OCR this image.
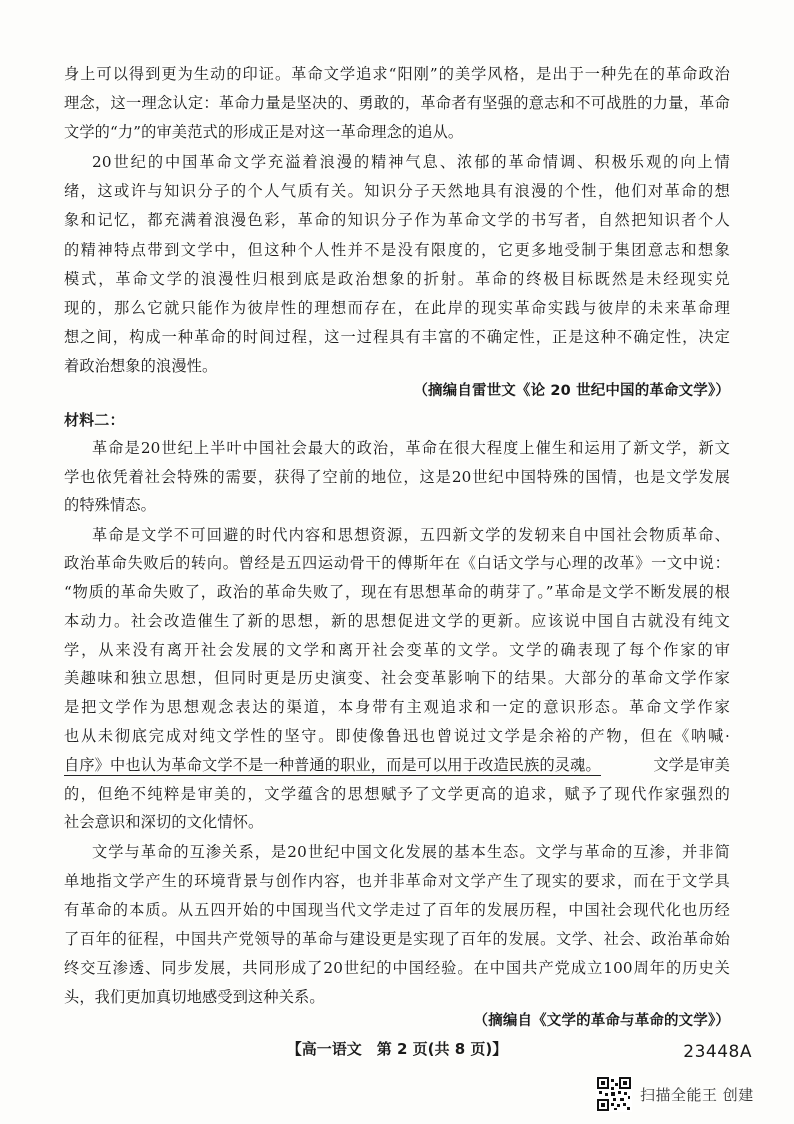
身上可以得到更为生动的印证。革命文学追求“阳刚”的美学风格，是出于一种先在的革命政治
理念，这一理念认定：革命力量是坚决的、勇敢的，革命者有坚强的意志和不可战胜的力量，革命
文学的“力”的审美范式的形成正是对这一革命理念的追从。
20世纪的中国革命文学充溢着浪漫的精神气息、浓郁的革命情调、积极乐观的向上情
绪，这或许与知识分子的个人气质有关。知识分子天然地具有浪漫的个性，他们对革命的想
象和记忆，都充满着浪漫色彩，革命的知识分子作为革命文学的书写者，自然把知识者个人
的精神特点带到文学中，但这种个人性并不是没有限度的，它更多地受制于集团意志和想象
模式，革命文学的浪漫性归根到底是政治想象的折射。革命的终极目标既然是未经现实兑
现的，那么它就只能作为彼岸性的理想而存在，在此岸的现实革命实践与彼岸的未来革命理
想之间，构成一种革命的时间过程，这一过程具有丰富的不确定性，正是这种不确定性，决定
着政治想象的浪漫性。
（摘编自雷世文《论 20 世纪中国的革命文学》）
材料二：
革命是20世纪上半叶中国社会最大的政治，革命在很大程度上催生和运用了新文学，新文
学也依凭着社会特殊的需要，获得了空前的地位，这是20世纪中国特殊的国情，也是文学发展
的特殊情态。
革命是文学不可回避的时代内容和思想资源，五四新文学的发轫来自中国社会物质革命、
政治革命失败后的转向。曾经是五四运动骨干的傅斯年在《白话文学与心理的改革》一文中说：
“物质的革命失败了，政治的革命失败了，现在有思想革命的萌芽了。”革命是文学不断发展的根
本动力。社会改造催生了新的思想，新的思想促进文学的更新。应该说中国自古就没有纯文
学，从来没有离开社会发展的文学和离开社会变革的文学。文学的确表现了每个作家的审
美趣味和独立思想，但同时更是历史演变、社会变革影响下的结果。大部分的革命文学作家
是把文学作为思想观念表达的渠道，本身带有主观追求和一定的意识形态。革命文学作家
也从未彻底完成对纯文学性的坚守。即使像鲁迅也曾说过文学是余裕的产物，但在《呐喊·
自序》中也认为革命文学不是一种普通的职业，而是可以用于改造民族的灵魂。	文学是审美
的，但绝不纯粹是审美的，文学蕴含的思想赋予了文学更高的追求，赋予了现代作家强烈的
社会意识和深切的文化情怀。
文学与革命的互渗关系，是20世纪中国文化发展的基本生态。文学与革命的互渗，并非简
单地指文学产生的环境背景与创作内容，也并非革命对文学产生了现实的要求，而在于文学具
有革命的本质。从五四开始的中国现当代文学走过了百年的发展历程，中国社会现代化也历经
了百年的征程，中国共产党领导的革命与建设更是实现了百年的发展。文学、社会、政治革命始
终交互渗透、同步发展，共同形成了20世纪的中国经验。在中国共产党成立100周年的历史关
头，我们更加真切地感受到这种关系。
（摘编自《文学的革命与革命的文学》）
【高一语文　第 2 页(共 8 页)】	23448A
扫描全能王 创建
